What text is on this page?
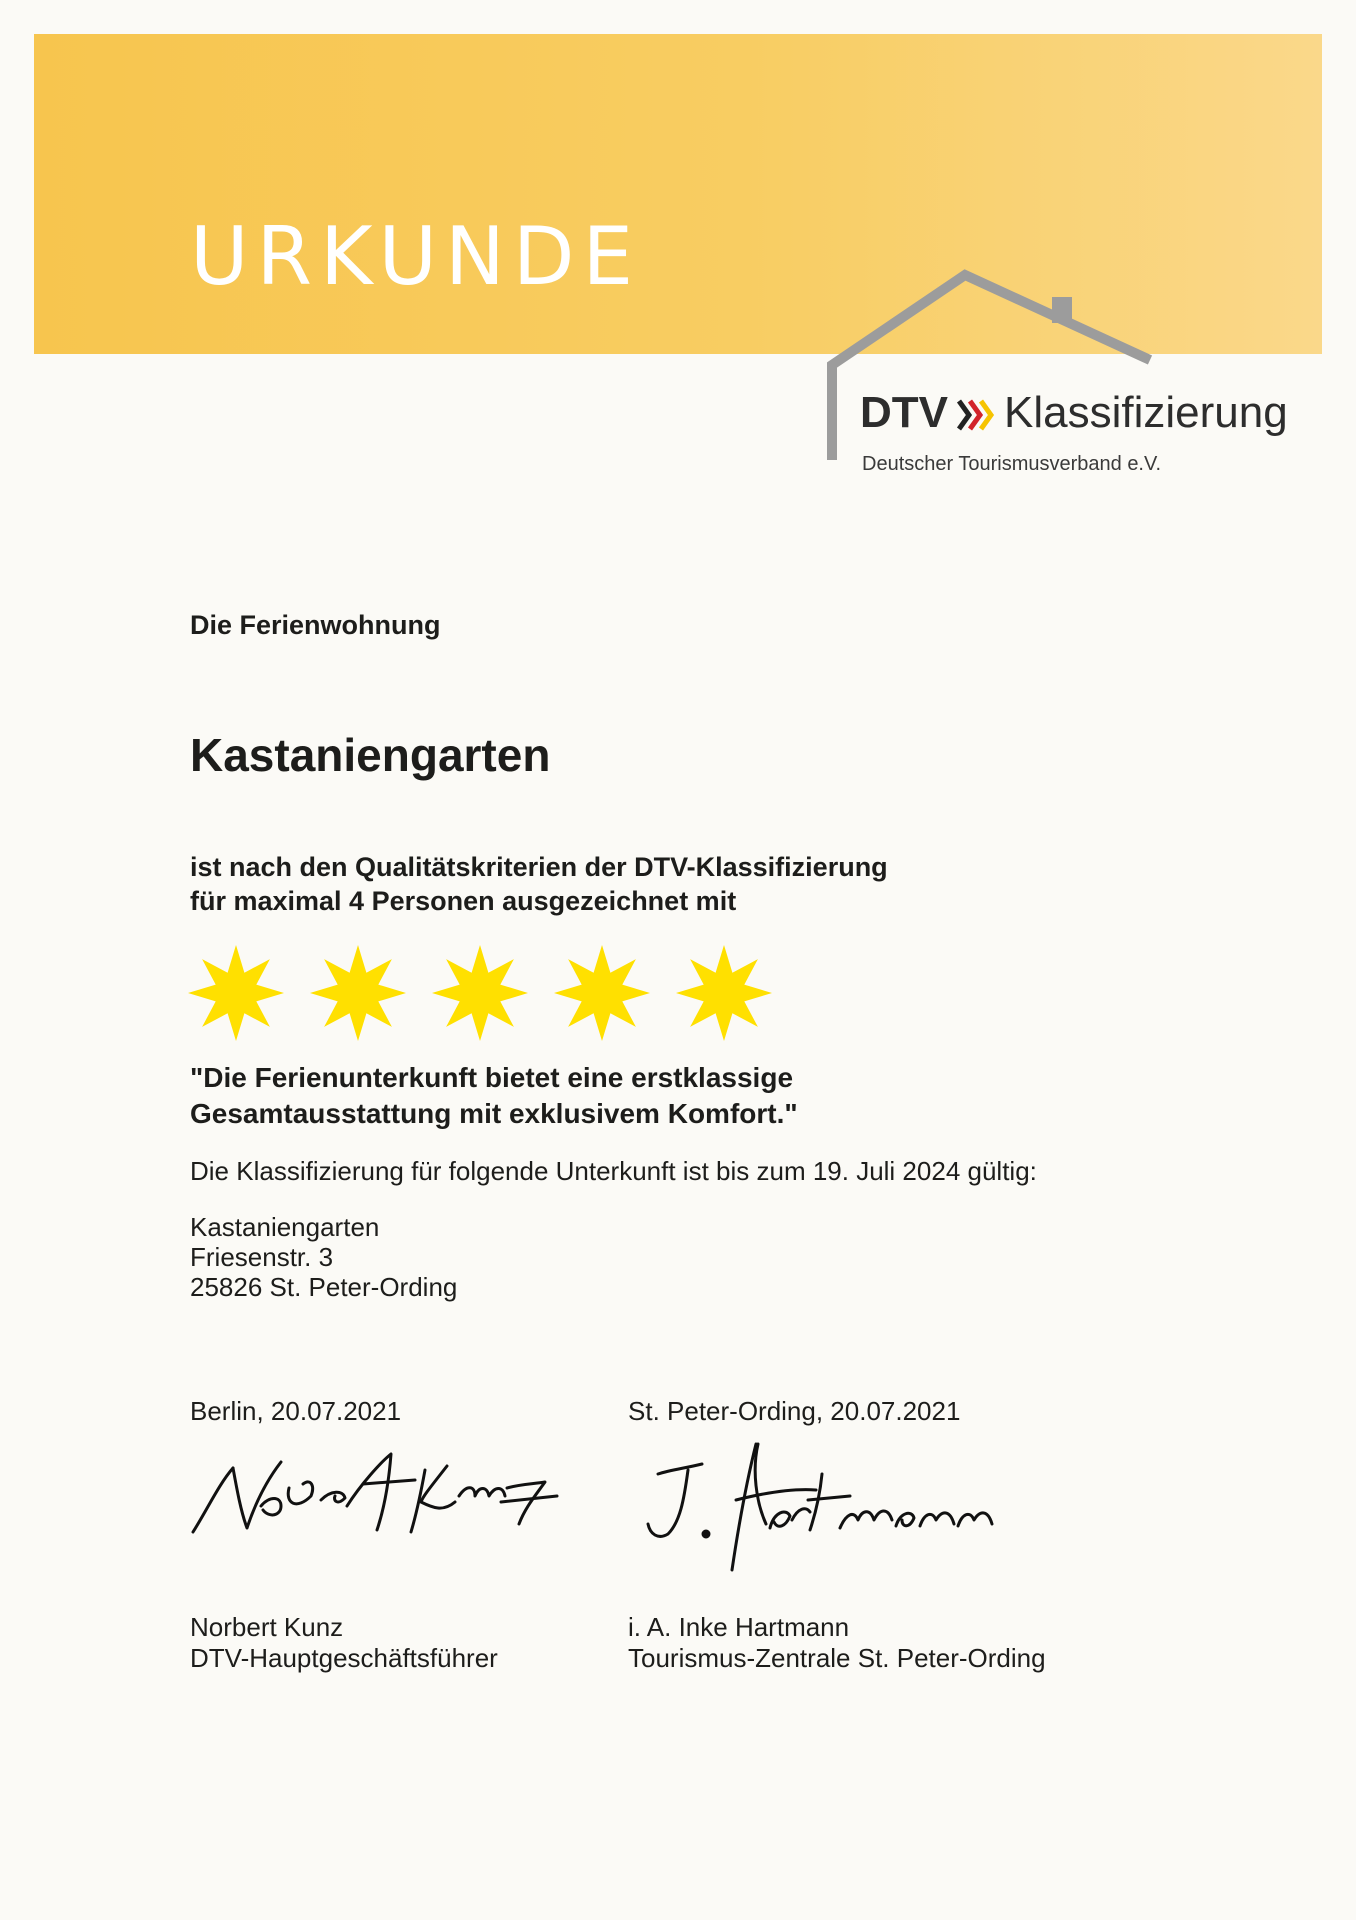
URKUNDE
DTV Klassifizierung
Deutscher Tourismusverband e.V.
Die Ferienwohnung
Kastaniengarten
ist nach den Qualitätskriterien der DTV-Klassifizierung
für maximal 4 Personen ausgezeichnet mit
"Die Ferienunterkunft bietet eine erstklassige
Gesamtausstattung mit exklusivem Komfort."
Die Klassifizierung für folgende Unterkunft ist bis zum 19. Juli 2024 gültig:
Kastaniengarten
Friesenstr. 3
25826 St. Peter-Ording
Berlin, 20.07.2021	St. Peter-Ording, 20.07.2021
Norbert Kunz
DTV-Hauptgeschäftsführer
i. A. Inke Hartmann
Tourismus-Zentrale St. Peter-Ording
